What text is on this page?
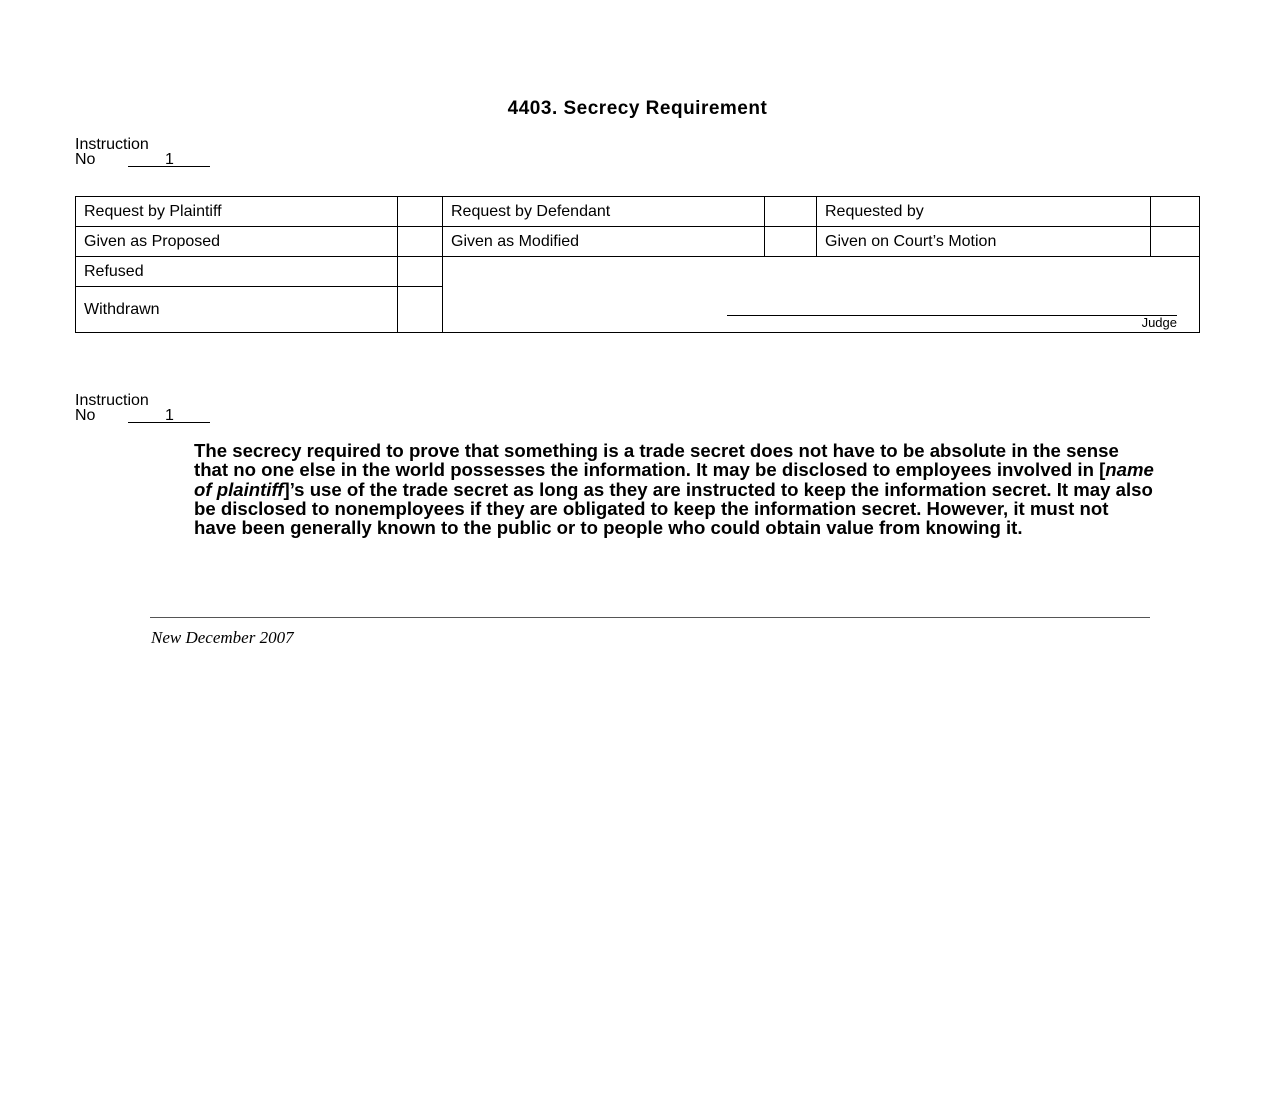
4403. Secrecy Requirement
Instruction
No	1
Request by Plaintiff		Request by Defendant		Requested by	
Given as Proposed		Given as Modified		Given on Court’s Motion	
Refused		Judge			

Withdrawn					
Instruction
No	1

The secrecy required to prove that something is a trade secret does not have to be absolute in the sense that no one else in the world possesses the information. It may be disclosed to employees involved in [name of plaintiff]’s use of the trade secret as long as they are instructed to keep the information secret. It may also be disclosed to nonemployees if they are obligated to keep the information secret. However, it must not have been generally known to the public or to people who could obtain value from knowing it.

New December 2007
